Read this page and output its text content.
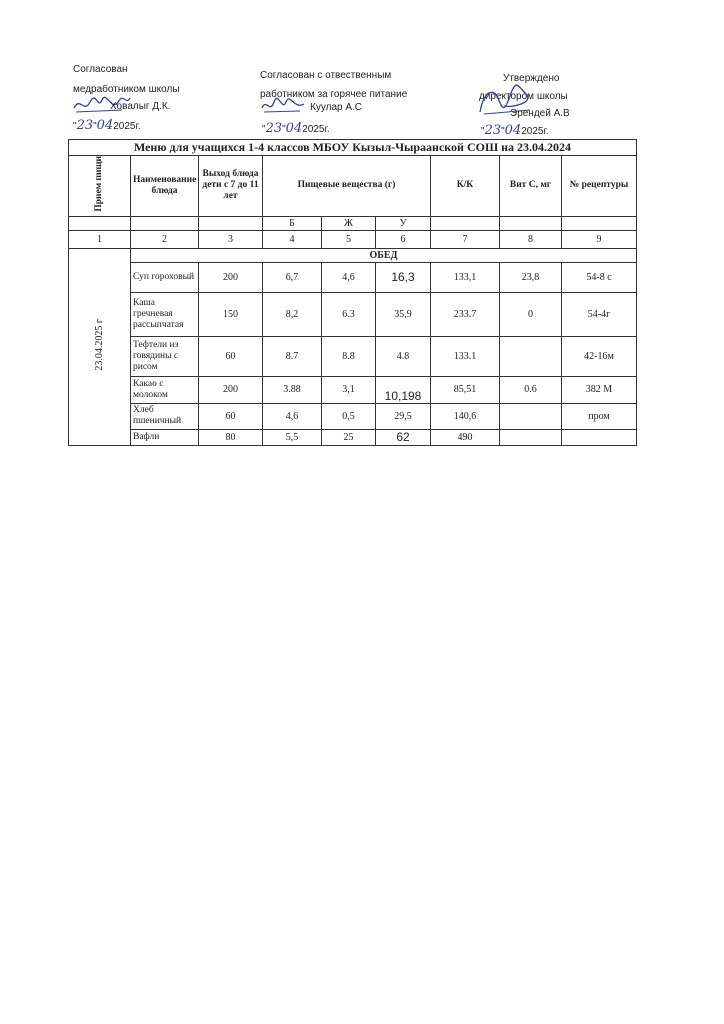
Согласован
медработником школы
Ховалыг Д.К.
"23"042025г.
Согласован с отвественным
работником за горячее питание
Куулар А.С
"23"042025г.
Утверждено
директором школы
Эрендей А.В
"23"042025г.
Меню для учащихся 1-4 классов МБОУ Кызыл-Чыраанской СОШ на 23.04.2024								
Прием пищи	Наименование блюда	Выход блюда дети с 7 до 11 лет	Пищевые вещества (г)			К/К	Вит С, мг	№ рецептуры
			Б	Ж	У			
1	2	3	4	5	6	7	8	9
23.04.2025 г	ОБЕД							
	Суп гороховый	200	6,7	4,6	16,3	133,1	23,8	54-8 с
	Каша гречневая рассыпчатая	150	8,2	6.3	35,9	233.7	0	54-4г
	Тефтели из говядины с рисом	60	8.7	8.8	4.8	133.1		42-16м
	Какао с молоком	200	3.88	3,1	10,198	85,51	0.6	382 М
	Хлеб пшеничный	60	4,6	0,5	29,5	140,6		пром
	Вафли	80	5,5	25	62	490		
